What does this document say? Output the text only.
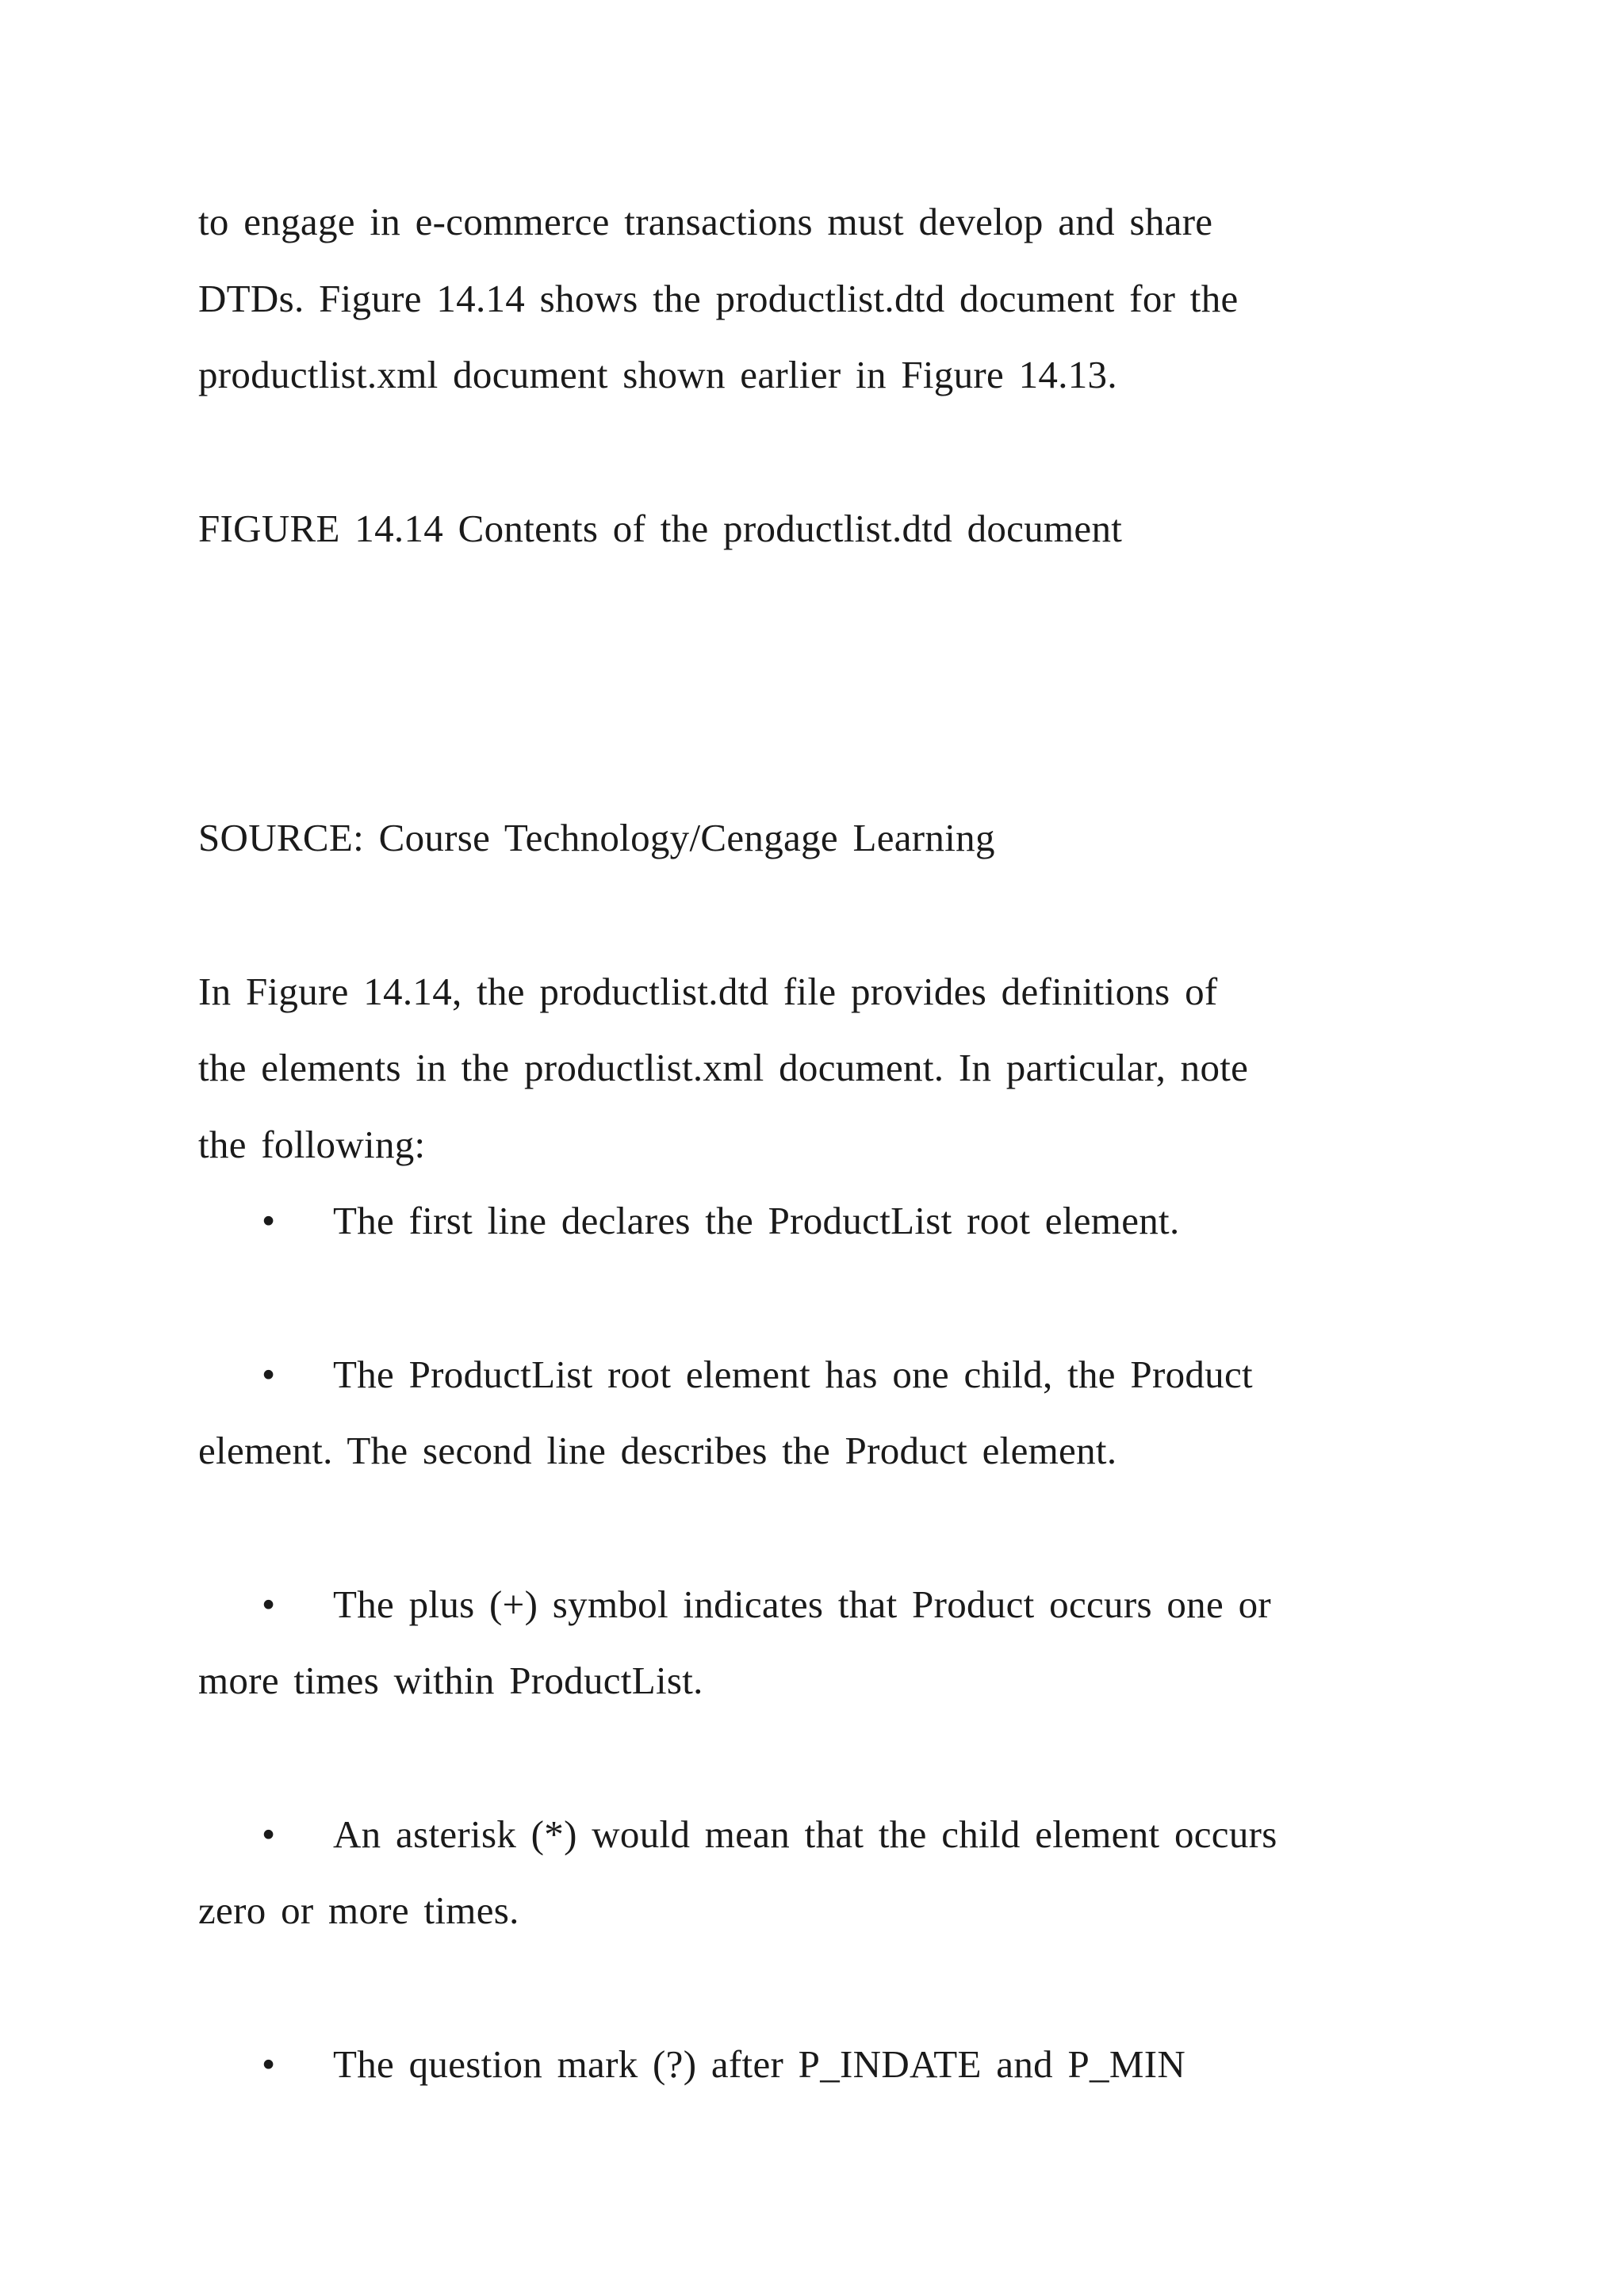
to engage in e-commerce transactions must develop and share
DTDs. Figure 14.14 shows the productlist.dtd document for the
productlist.xml document shown earlier in Figure 14.13.
FIGURE 14.14 Contents of the productlist.dtd document
SOURCE: Course Technology/Cengage Learning
In Figure 14.14, the productlist.dtd file provides definitions of
the elements in the productlist.xml document. In particular, note
the following:
• The first line declares the ProductList root element.
• The ProductList root element has one child, the Product
element. The second line describes the Product element.
• The plus (+) symbol indicates that Product occurs one or
more times within ProductList.
• An asterisk (*) would mean that the child element occurs
zero or more times.
• The question mark (?) after P_INDATE and P_MIN
